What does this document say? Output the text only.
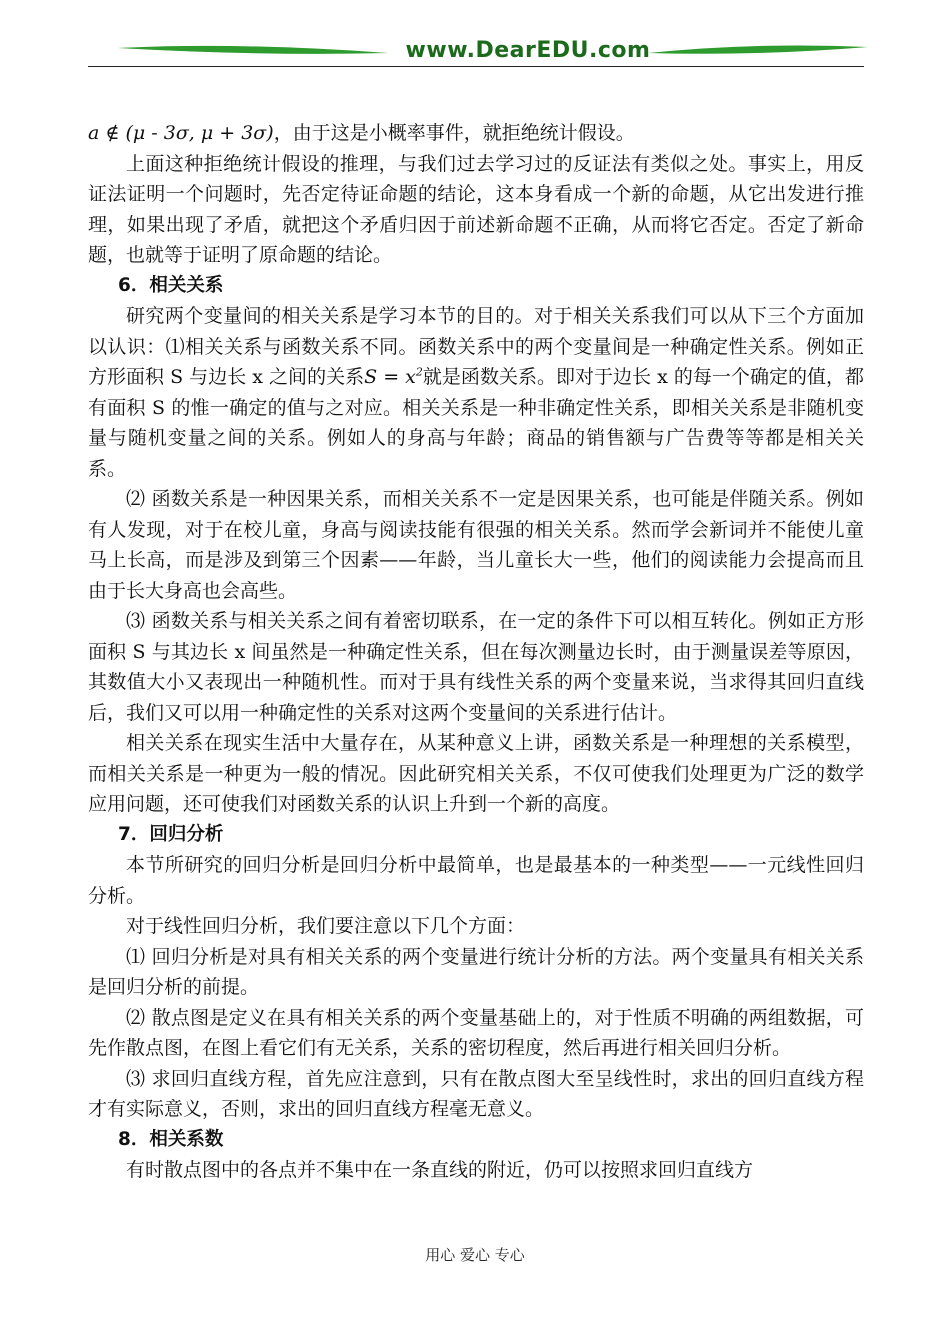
www.DearEDU.com

a ∉ (μ - 3σ, μ + 3σ)，由于这是小概率事件，就拒绝统计假设。

上面这种拒绝统计假设的推理，与我们过去学习过的反证法有类似之处。事实上，用反证法证明一个问题时，先否定待证命题的结论，这本身看成一个新的命题，从它出发进行推理，如果出现了矛盾，就把这个矛盾归因于前述新命题不正确，从而将它否定。否定了新命题，也就等于证明了原命题的结论。

6．相关关系

研究两个变量间的相关关系是学习本节的目的。对于相关关系我们可以从下三个方面加以认识：⑴相关关系与函数关系不同。函数关系中的两个变量间是一种确定性关系。例如正方形面积 S 与边长 x 之间的关系$S = x^2$就是函数关系。即对于边长 x 的每一个确定的值，都有面积 S 的惟一确定的值与之对应。相关关系是一种非确定性关系，即相关关系是非随机变量与随机变量之间的关系。例如人的身高与年龄；商品的销售额与广告费等等都是相关关系。

⑵ 函数关系是一种因果关系，而相关关系不一定是因果关系，也可能是伴随关系。例如有人发现，对于在校儿童，身高与阅读技能有很强的相关关系。然而学会新词并不能使儿童马上长高，而是涉及到第三个因素——年龄，当儿童长大一些，他们的阅读能力会提高而且由于长大身高也会高些。

⑶ 函数关系与相关关系之间有着密切联系，在一定的条件下可以相互转化。例如正方形面积 S 与其边长 x 间虽然是一种确定性关系，但在每次测量边长时，由于测量误差等原因，其数值大小又表现出一种随机性。而对于具有线性关系的两个变量来说，当求得其回归直线后，我们又可以用一种确定性的关系对这两个变量间的关系进行估计。

相关关系在现实生活中大量存在，从某种意义上讲，函数关系是一种理想的关系模型，而相关关系是一种更为一般的情况。因此研究相关关系，不仅可使我们处理更为广泛的数学应用问题，还可使我们对函数关系的认识上升到一个新的高度。

7．回归分析

本节所研究的回归分析是回归分析中最简单，也是最基本的一种类型——一元线性回归分析。

对于线性回归分析，我们要注意以下几个方面：

⑴ 回归分析是对具有相关关系的两个变量进行统计分析的方法。两个变量具有相关关系是回归分析的前提。

⑵ 散点图是定义在具有相关关系的两个变量基础上的，对于性质不明确的两组数据，可先作散点图，在图上看它们有无关系，关系的密切程度，然后再进行相关回归分析。

⑶ 求回归直线方程，首先应注意到，只有在散点图大至呈线性时，求出的回归直线方程才有实际意义，否则，求出的回归直线方程毫无意义。

8．相关系数

有时散点图中的各点并不集中在一条直线的附近，仍可以按照求回归直线方

用心 爱心 专心
